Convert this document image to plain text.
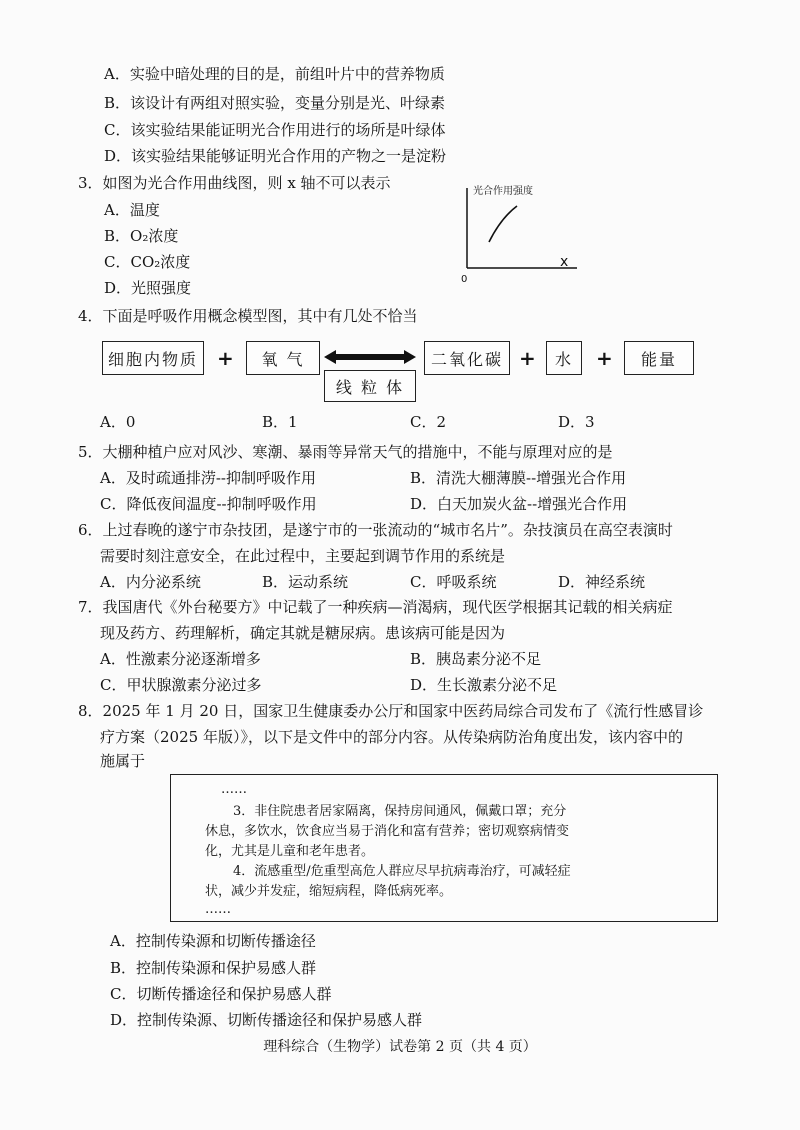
A．实验中暗处理的目的是，前组叶片中的营养物质
B．该设计有两组对照实验，变量分别是光、叶绿素
C．该实验结果能证明光合作用进行的场所是叶绿体
D．该实验结果能够证明光合作用的产物之一是淀粉
3．如图为光合作用曲线图，则 x 轴不可以表示
A．温度
B．O₂浓度
C．CO₂浓度
D．光照强度
光合作用强度
x
0
4．下面是呼吸作用概念模型图，其中有几处不恰当
细胞内物质 +	氧 气
线 粒 体
二氧化碳 +	水	+	能量
A．0	B．1	C．2	D．3
5．大棚种植户应对风沙、寒潮、暴雨等异常天气的措施中，不能与原理对应的是
A．及时疏通排涝--抑制呼吸作用	B．清洗大棚薄膜--增强光合作用
C．降低夜间温度--抑制呼吸作用	D．白天加炭火盆--增强光合作用
6．上过春晚的遂宁市杂技团，是遂宁市的一张流动的“城市名片”。杂技演员在高空表演时
需要时刻注意安全，在此过程中，主要起到调节作用的系统是
A．内分泌系统	B．运动系统	C．呼吸系统	D．神经系统
7．我国唐代《外台秘要方》中记载了一种疾病—消渴病，现代医学根据其记载的相关病症
现及药方、药理解析，确定其就是糖尿病。患该病可能是因为
A．性激素分泌逐渐增多	B．胰岛素分泌不足
C．甲状腺激素分泌过多	D．生长激素分泌不足
8．2025 年 1 月 20 日，国家卫生健康委办公厅和国家中医药局综合司发布了《流行性感冒诊
疗方案（2025 年版）》，以下是文件中的部分内容。从传染病防治角度出发，该内容中的
施属于
……
3．非住院患者居家隔离，保持房间通风，佩戴口罩；充分
休息，多饮水，饮食应当易于消化和富有营养；密切观察病情变
化，尤其是儿童和老年患者。
4．流感重型/危重型高危人群应尽早抗病毒治疗，可减轻症
状，减少并发症，缩短病程，降低病死率。
……
A．控制传染源和切断传播途径
B．控制传染源和保护易感人群
C．切断传播途径和保护易感人群
D．控制传染源、切断传播途径和保护易感人群
理科综合（生物学）试卷第 2 页（共 4 页）
